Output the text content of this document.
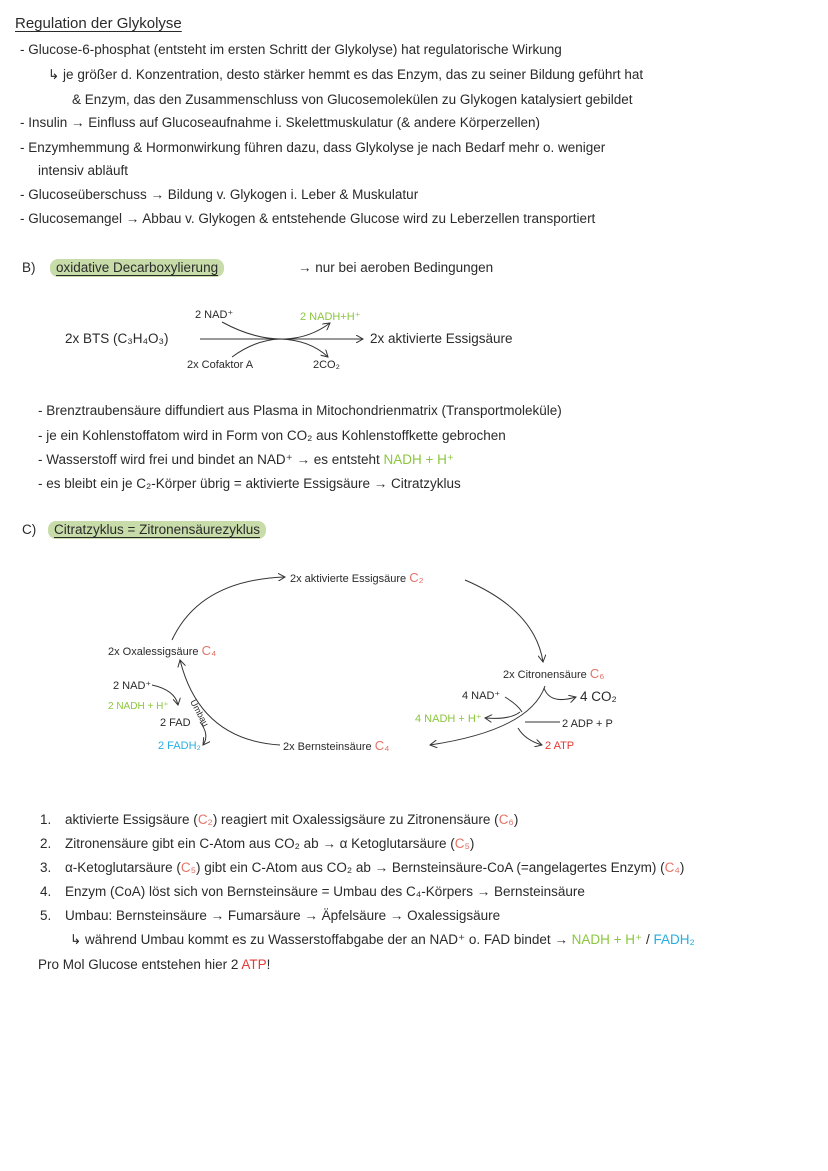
Regulation der Glykolyse
- Glucose-6-phosphat (entsteht im ersten Schritt der Glykolyse) hat regulatorische Wirkung
↳ je größer d. Konzentration, desto stärker hemmt es das Enzym, das zu seiner Bildung geführt hat
& Enzym, das den Zusammenschluss von Glucosemolekülen zu Glykogen katalysiert gebildet
- Insulin → Einfluss auf Glucoseaufnahme i. Skelettmuskulatur (& andere Körperzellen)
- Enzymhemmung & Hormonwirkung führen dazu, dass Glykolyse je nach Bedarf mehr o. weniger
intensiv abläuft
- Glucoseüberschuss → Bildung v. Glykogen i. Leber & Muskulatur
- Glucosemangel → Abbau v. Glykogen & entstehende Glucose wird zu Leberzellen transportiert
B)	oxidative Decarboxylierung	→ nur bei aeroben Bedingungen
2 NAD⁺	2 NADH+H⁺
2x BTS (C₃H₄O₃)	2x aktivierte Essigsäure
2x Cofaktor A	2CO₂
- Brenztraubensäure diffundiert aus Plasma in Mitochondrienmatrix (Transportmoleküle)
- je ein Kohlenstoffatom wird in Form von CO₂ aus Kohlenstoffkette gebrochen
- Wasserstoff wird frei und bindet an NAD⁺ → es entsteht NADH + H⁺
- es bleibt ein je C₂-Körper übrig = aktivierte Essigsäure → Citratzyklus
C)	Citratzyklus = Zitronensäurezyklus
2x aktivierte Essigsäure C₂
2x Oxalessigsäure C₄
2x Citronensäure C₆
2x Bernsteinsäure C₄
4 CO₂
4 NAD⁺
4 NADH + H⁺	2 ADP + P
2 ATP
2 NAD⁺
2 NADH + H⁺
2 FAD
2 FADH₂
Umbau
1. aktivierte Essigsäure (C₂) reagiert mit Oxalessigsäure zu Zitronensäure (C₆)
2. Zitronensäure gibt ein C-Atom aus CO₂ ab → α Ketoglutarsäure (C₅)
3. α-Ketoglutarsäure (C₅) gibt ein C-Atom aus CO₂ ab → Bernsteinsäure-CoA (=angelagertes Enzym) (C₄)
4. Enzym (CoA) löst sich von Bernsteinsäure = Umbau des C₄-Körpers → Bernsteinsäure
5. Umbau: Bernsteinsäure → Fumarsäure → Äpfelsäure → Oxalessigsäure
↳ während Umbau kommt es zu Wasserstoffabgabe der an NAD⁺ o. FAD bindet → NADH + H⁺ / FADH₂
Pro Mol Glucose entstehen hier 2 ATP!
